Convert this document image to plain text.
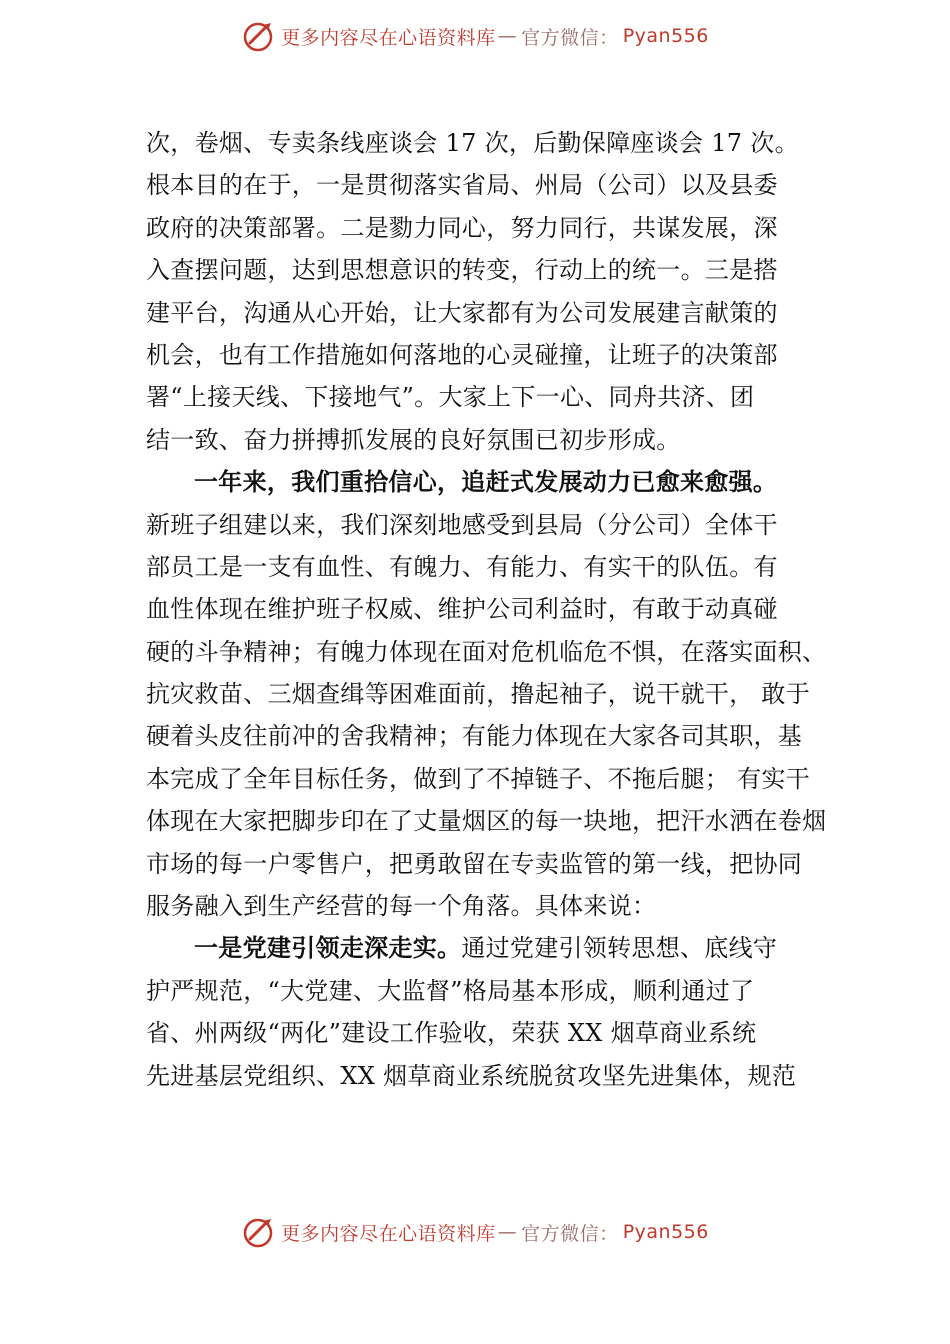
更多内容尽在心语资料库 — 官方微信： Pyan556
次，卷烟、专卖条线座谈会 17 次，后勤保障座谈会 17 次。
根本目的在于，一是贯彻落实省局、州局（公司）以及县委
政府的决策部署。二是勠力同心，努力同行，共谋发展，深
入查摆问题，达到思想意识的转变，行动上的统一。三是搭
建平台，沟通从心开始，让大家都有为公司发展建言献策的
机会，也有工作措施如何落地的心灵碰撞，让班子的决策部
署“上接天线、下接地气”。大家上下一心、同舟共济、团
结一致、奋力拼搏抓发展的良好氛围已初步形成。
一年来，我们重拾信心，追赶式发展动力已愈来愈强。
新班子组建以来，我们深刻地感受到县局（分公司）全体干
部员工是一支有血性、有魄力、有能力、有实干的队伍。有
血性体现在维护班子权威、维护公司利益时，有敢于动真碰
硬的斗争精神；有魄力体现在面对危机临危不惧，在落实面积、
抗灾救苗、三烟查缉等困难面前，撸起袖子，说干就干， 敢于
硬着头皮往前冲的舍我精神；有能力体现在大家各司其职，基
本完成了全年目标任务，做到了不掉链子、不拖后腿； 有实干
体现在大家把脚步印在了丈量烟区的每一块地，把汗水洒在卷烟
市场的每一户零售户，把勇敢留在专卖监管的第一线，把协同
服务融入到生产经营的每一个角落。具体来说：
一是党建引领走深走实。通过党建引领转思想、底线守
护严规范，“大党建、大监督”格局基本形成，顺利通过了
省、州两级“两化”建设工作验收，荣获 XX 烟草商业系统
先进基层党组织、XX 烟草商业系统脱贫攻坚先进集体，规范
更多内容尽在心语资料库 — 官方微信： Pyan556
